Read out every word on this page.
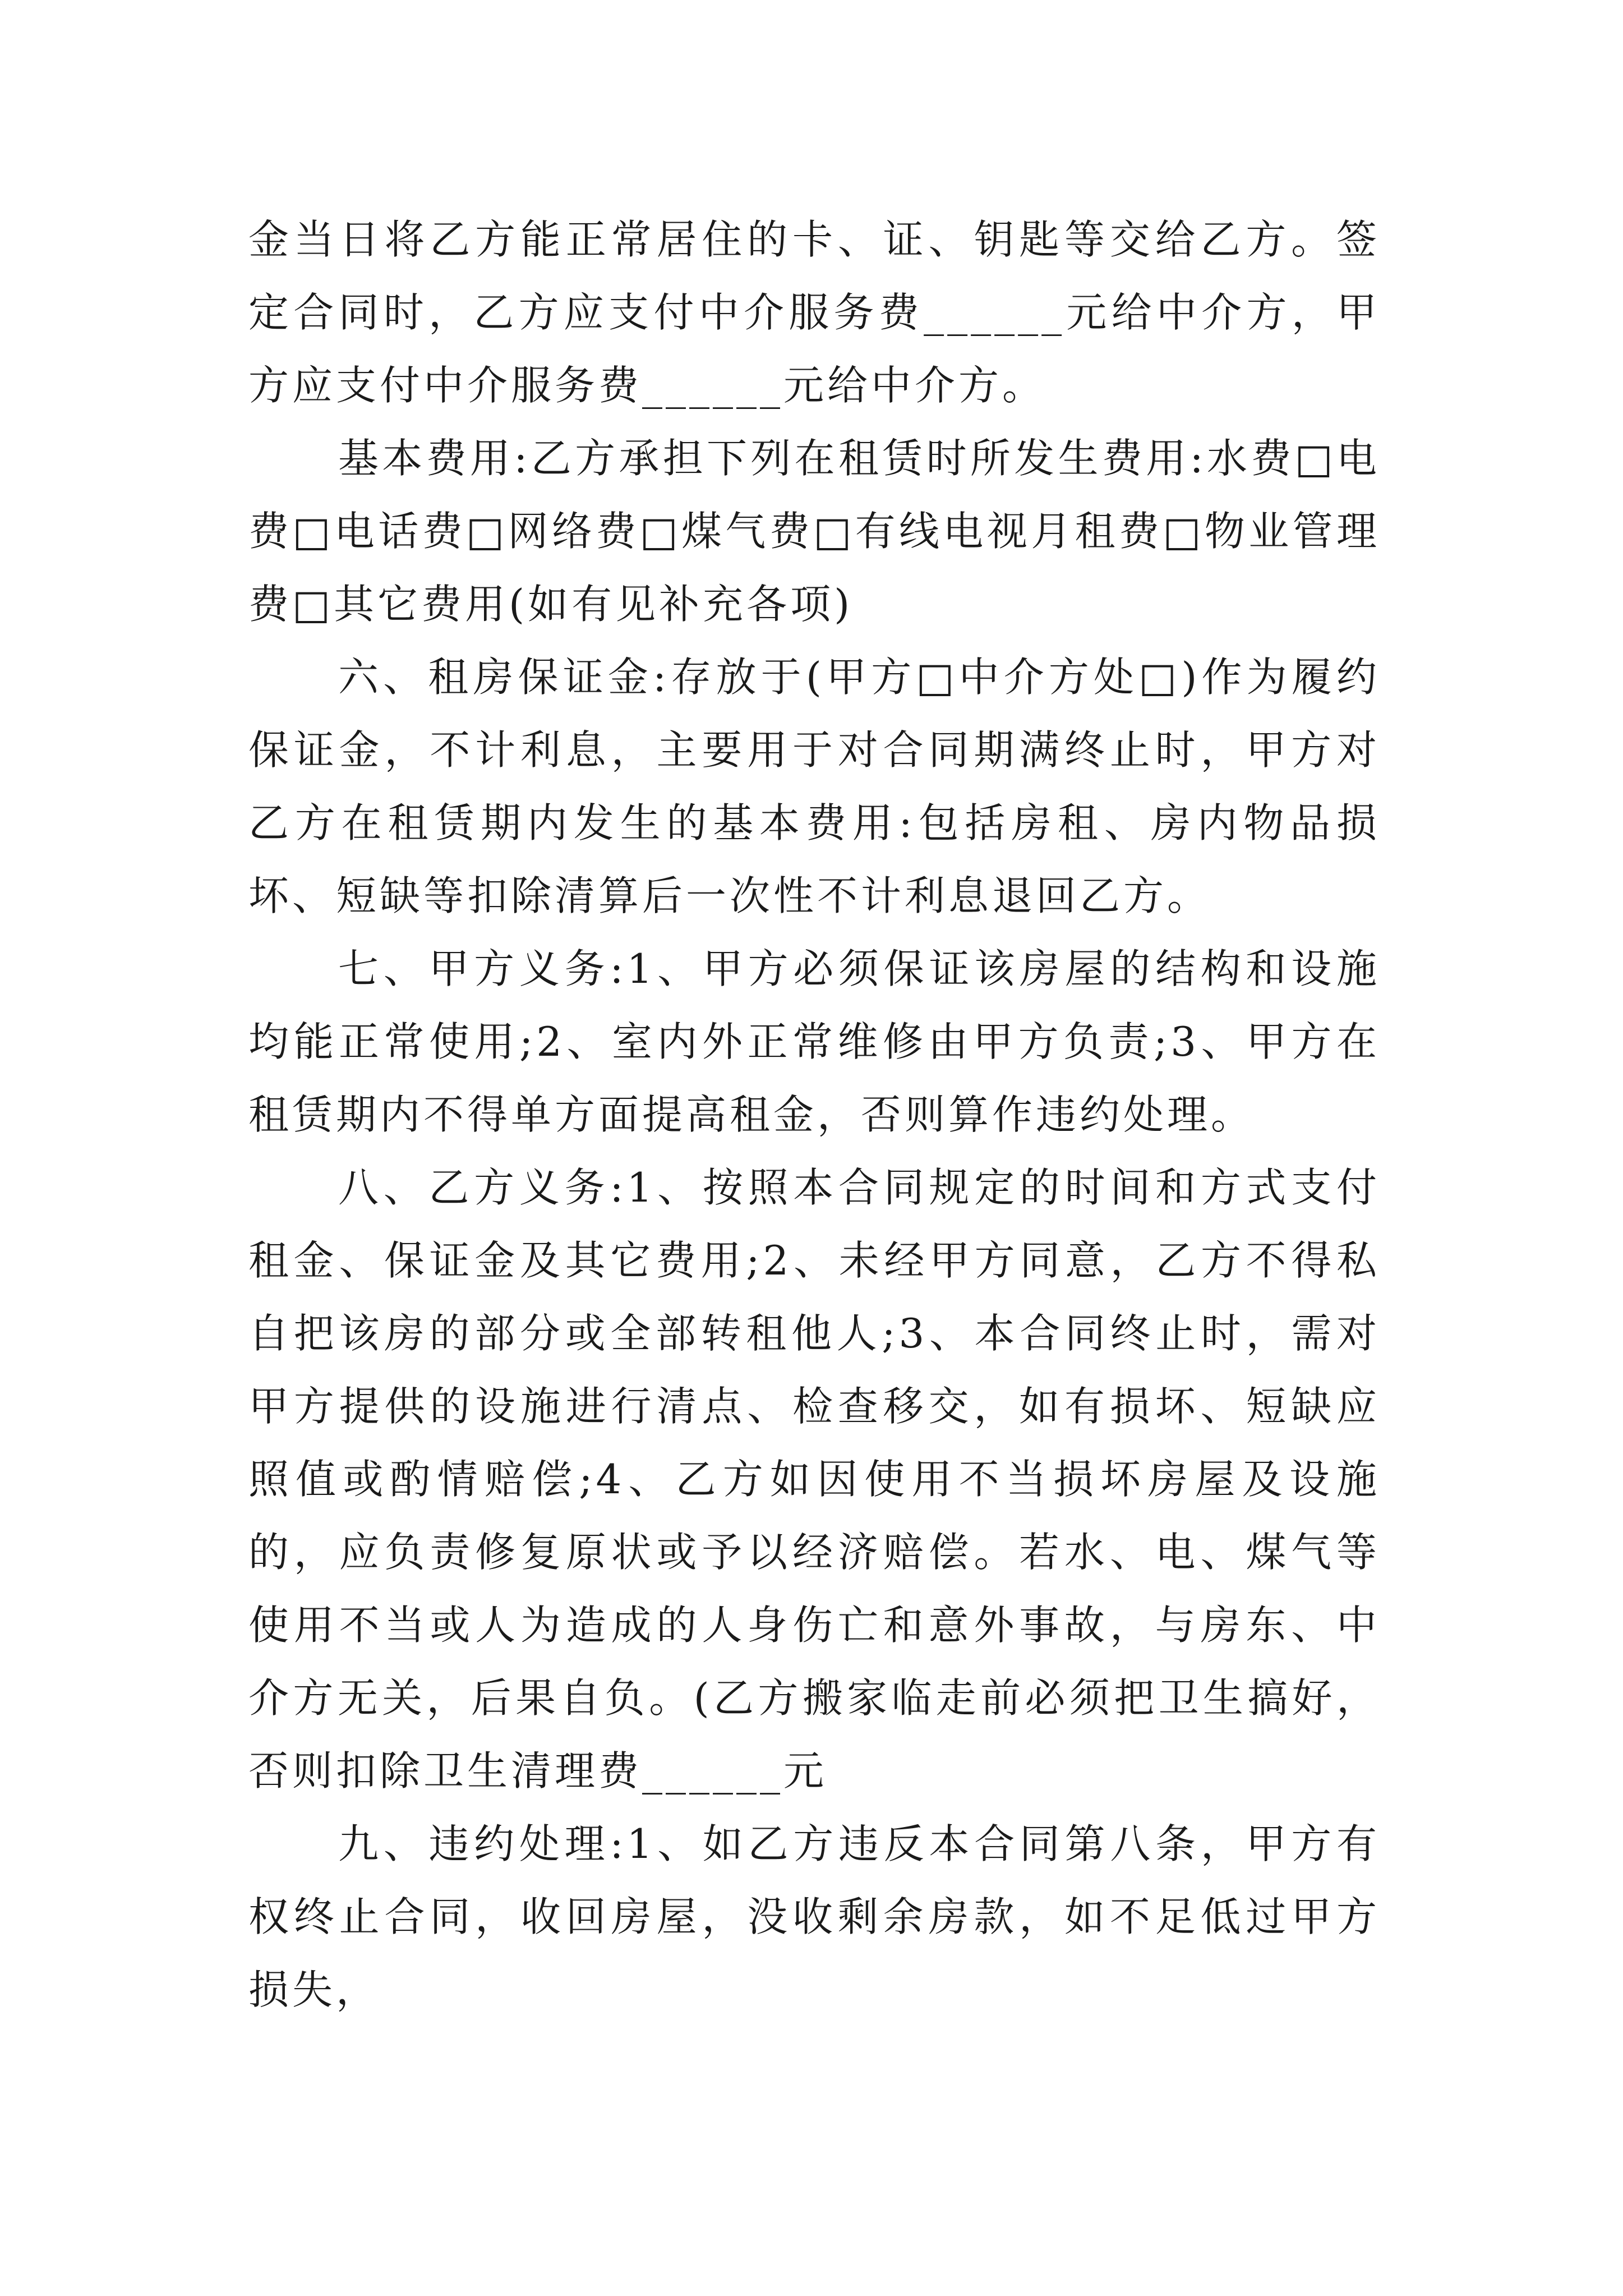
金当日将乙方能正常居住的卡、证、钥匙等交给乙方。签定合同时，乙方应支付中介服务费______元给中介方，甲方应支付中介服务费______元给中介方。

基本费用:乙方承担下列在租赁时所发生费用:水费□电费□电话费□网络费□煤气费□有线电视月租费□物业管理费□其它费用(如有见补充各项)

六、租房保证金:存放于(甲方□中介方处□)作为履约保证金，不计利息，主要用于对合同期满终止时，甲方对乙方在租赁期内发生的基本费用:包括房租、房内物品损坏、短缺等扣除清算后一次性不计利息退回乙方。

七、甲方义务:1、甲方必须保证该房屋的结构和设施均能正常使用;2、室内外正常维修由甲方负责;3、甲方在租赁期内不得单方面提高租金，否则算作违约处理。

八、乙方义务:1、按照本合同规定的时间和方式支付租金、保证金及其它费用;2、未经甲方同意，乙方不得私自把该房的部分或全部转租他人;3、本合同终止时，需对甲方提供的设施进行清点、检查移交，如有损坏、短缺应照值或酌情赔偿;4、乙方如因使用不当损坏房屋及设施的，应负责修复原状或予以经济赔偿。若水、电、煤气等使用不当或人为造成的人身伤亡和意外事故，与房东、中介方无关，后果自负。(乙方搬家临走前必须把卫生搞好，否则扣除卫生清理费______元

九、违约处理:1、如乙方违反本合同第八条，甲方有权终止合同，收回房屋，没收剩余房款，如不足低过甲方损失，
